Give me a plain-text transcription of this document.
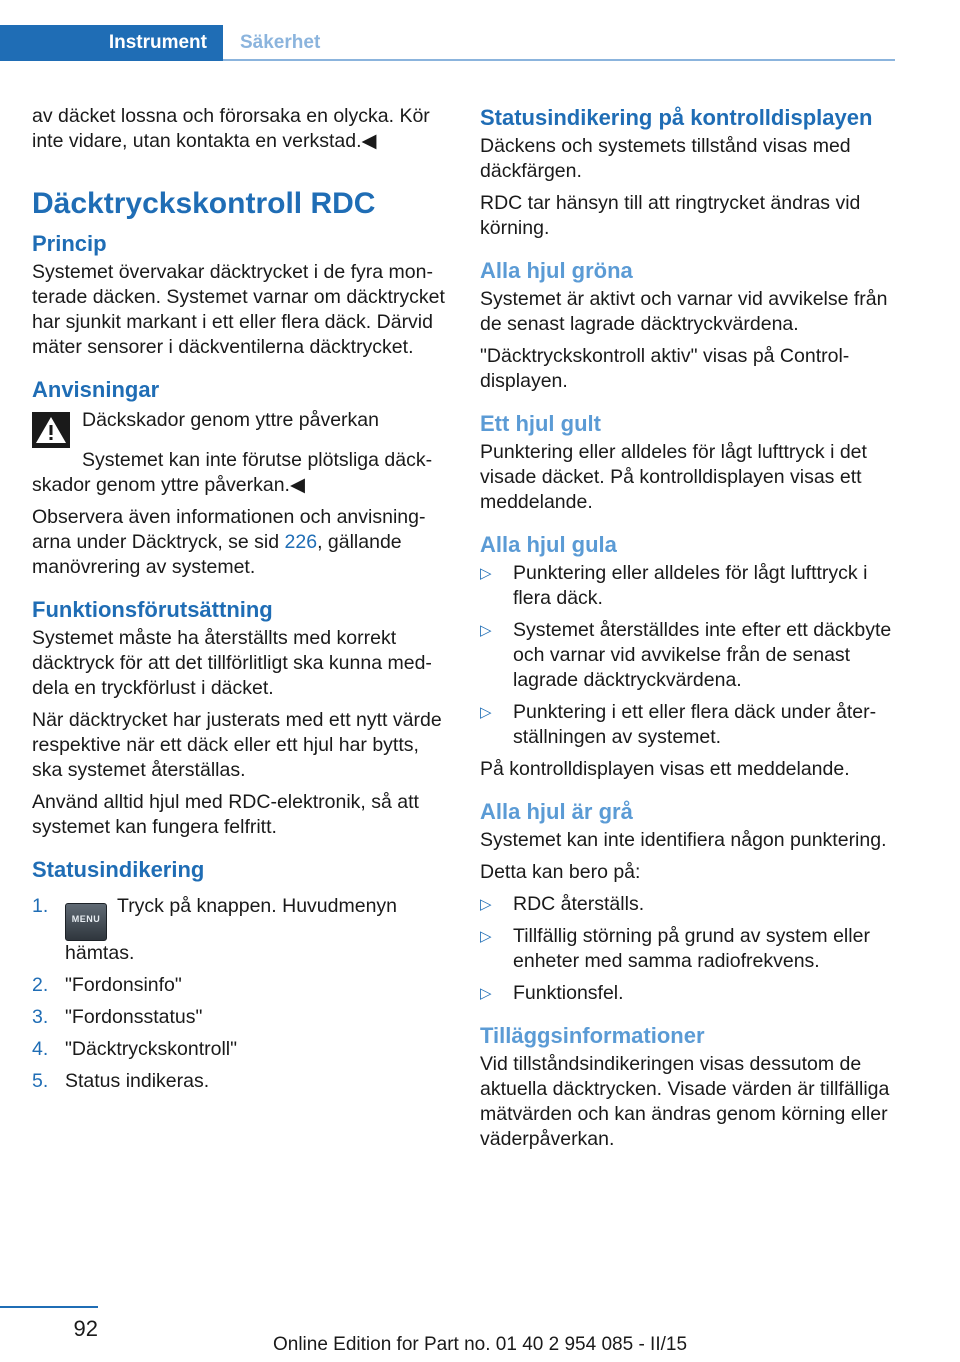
Instrument	Säkerhet

av däcket lossna och förorsaka en olycka. Kör inte vidare, utan kontakta en verkstad.◀

Däcktryckskontroll RDC
Princip

Systemet övervakar däcktrycket i de fyra monterade däcken. Systemet varnar om däcktrycket har sjunkit markant i ett eller flera däck. Därvid mäter sensorer i däckventilerna däcktrycket.

Anvisningar

Däckskador genom yttre påverkan

Systemet kan inte förutse plötsliga däckskador genom yttre påverkan.◀

Observera även informationen och anvisningarna under Däcktryck, se sid 226, gällande manövrering av systemet.

Funktionsförutsättning

Systemet måste ha återställts med korrekt däcktryck för att det tillförlitligt ska kunna meddela en tryckförlust i däcket.

När däcktrycket har justerats med ett nytt värde respektive när ett däck eller ett hjul har bytts, ska systemet återställas.

Använd alltid hjul med RDC-elektronik, så att systemet kan fungera felfritt.

Statusindikering
1.
MENUTryck på knappen. Huvudmenyn hämtas.
2. "Fordonsinfo"
3. "Fordonsstatus"
4. "Däcktryckskontroll"
5. Status indikeras.
Statusindikering på kontrolldisplayen

Däckens och systemets tillstånd visas med däckfärgen.

RDC tar hänsyn till att ringtrycket ändras vid körning.

Alla hjul gröna

Systemet är aktivt och varnar vid avvikelse från de senast lagrade däcktryckvärdena.

"Däcktryckskontroll aktiv" visas på Controldisplayen.

Ett hjul gult

Punktering eller alldeles för lågt lufttryck i det visade däcket. På kontrolldisplayen visas ett meddelande.

Alla hjul gula
▷	Punktering eller alldeles för lågt lufttryck i flera däck.
▷	Systemet återställdes inte efter ett däckbyte och varnar vid avvikelse från de senast lagrade däcktryckvärdena.
▷	Punktering i ett eller flera däck under återställningen av systemet.

På kontrolldisplayen visas ett meddelande.

Alla hjul är grå

Systemet kan inte identifiera någon punktering.

Detta kan bero på:

▷	RDC återställs.
▷	Tillfällig störning på grund av system eller enheter med samma radiofrekvens.
▷	Funktionsfel.
Tilläggsinformationer

Vid tillståndsindikeringen visas dessutom de aktuella däcktrycken. Visade värden är tillfälliga mätvärden och kan ändras genom körning eller väderpåverkan.

92
Online Edition for Part no. 01 40 2 954 085 - II/15
